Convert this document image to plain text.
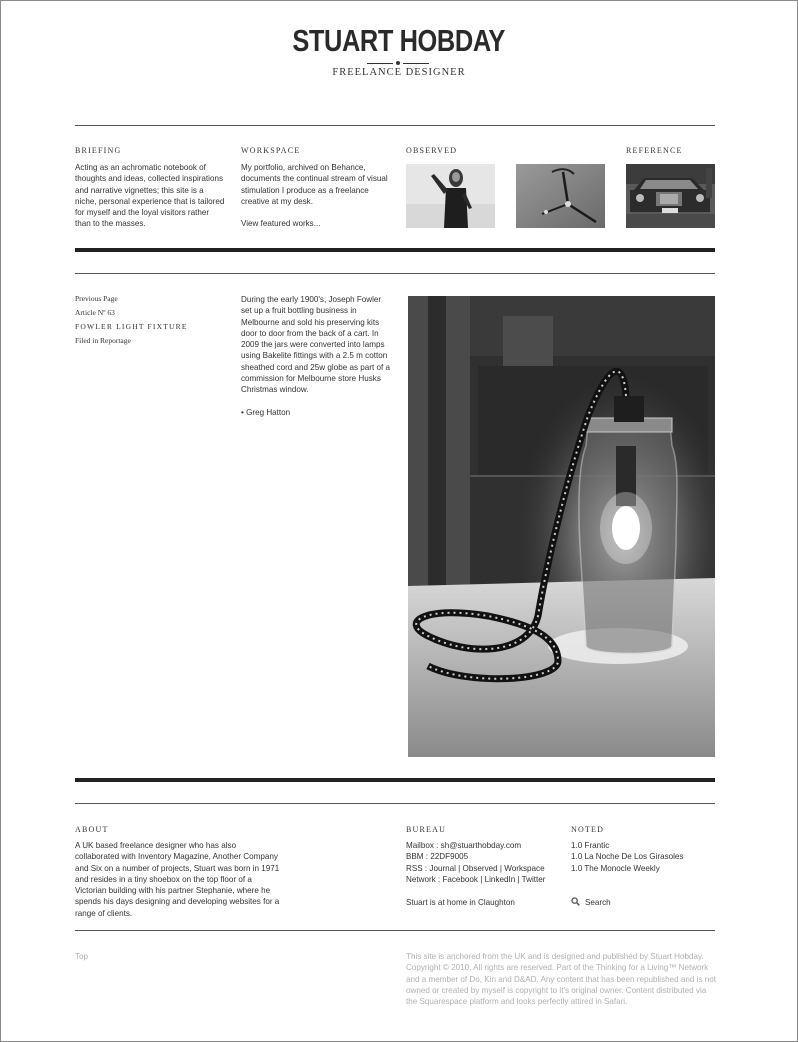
STUART HOBDAY
FREELANCE DESIGNER
BRIEFING
Acting as an achromatic notebook of thoughts and ideas, collected inspirations and narrative vignettes; this site is a niche, personal experience that is tailored for myself and the loyal visitors rather than to the masses.
WORKSPACE
My portfolio, archived on Behance, documents the continual stream of visual stimulation I produce as a freelance creative at my desk.
View featured works...
OBSERVED	REFERENCE
Previous Page
Article Nº 63
FOWLER LIGHT FIXTURE
Filed in Reportage
During the early 1900's, Joseph Fowler set up a fruit bottling business in Melbourne and sold his preserving kits door to door from the back of a cart. In 2009 the jars were converted into lamps using Bakelite fittings with a 2.5 m cotton sheathed cord and 25w globe as part of a commission for Melbourne store Husks Christmas window.
• Greg Hatton
ABOUT
A UK based freelance designer who has also collaborated with Inventory Magazine, Another Company and Six on a number of projects, Stuart was born in 1971 and resides in a tiny shoebox on the top floor of a Victorian building with his partner Stephanie, where he spends his days designing and developing websites for a range of clients.
BUREAU
Mailbox : sh@stuarthobday.com
BBM : 22DF9005
RSS : Journal | Observed | Workspace
Network : Facebook | LinkedIn | Twitter
Stuart is at home in Claughton
NOTED
1.0 Frantic
1.0 La Noche De Los Girasoles
1.0 The Monocle Weekly
Search
Top	This site is anchored from the UK and is designed and published by Stuart Hobday. Copyright © 2010. All rights are reserved. Part of the Thinking for a Living™ Network and a member of Do, Kin and D&AD. Any content that has been republished and is not owned or created by myself is copyright to it's original owner. Content distributed via the Squarespace platform and looks perfectly attired in Safari.
